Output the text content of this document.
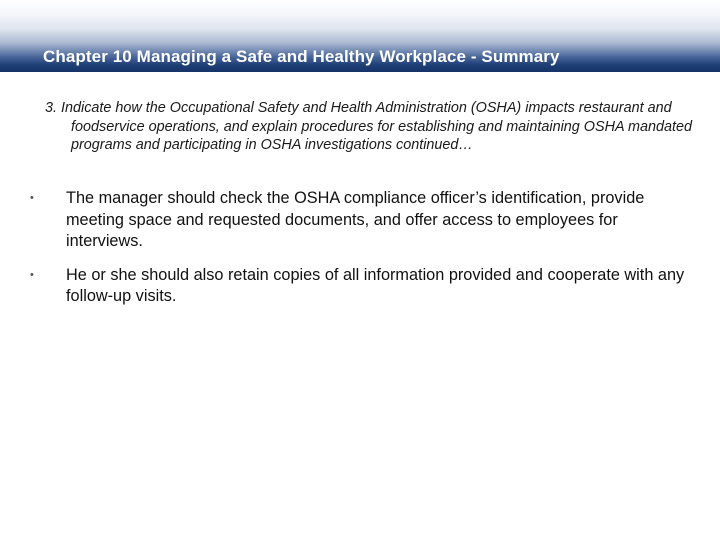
Chapter 10 Managing a Safe and Healthy Workplace - Summary

3. Indicate how the Occupational Safety and Health Administration (OSHA) impacts restaurant and foodservice operations, and explain procedures for establishing and maintaining OSHA mandated programs and participating in OSHA investigations continued…

• The manager should check the OSHA compliance officer’s identification, provide meeting space and requested documents, and offer access to employees for interviews.
• He or she should also retain copies of all information provided and cooperate with any follow-up visits.
